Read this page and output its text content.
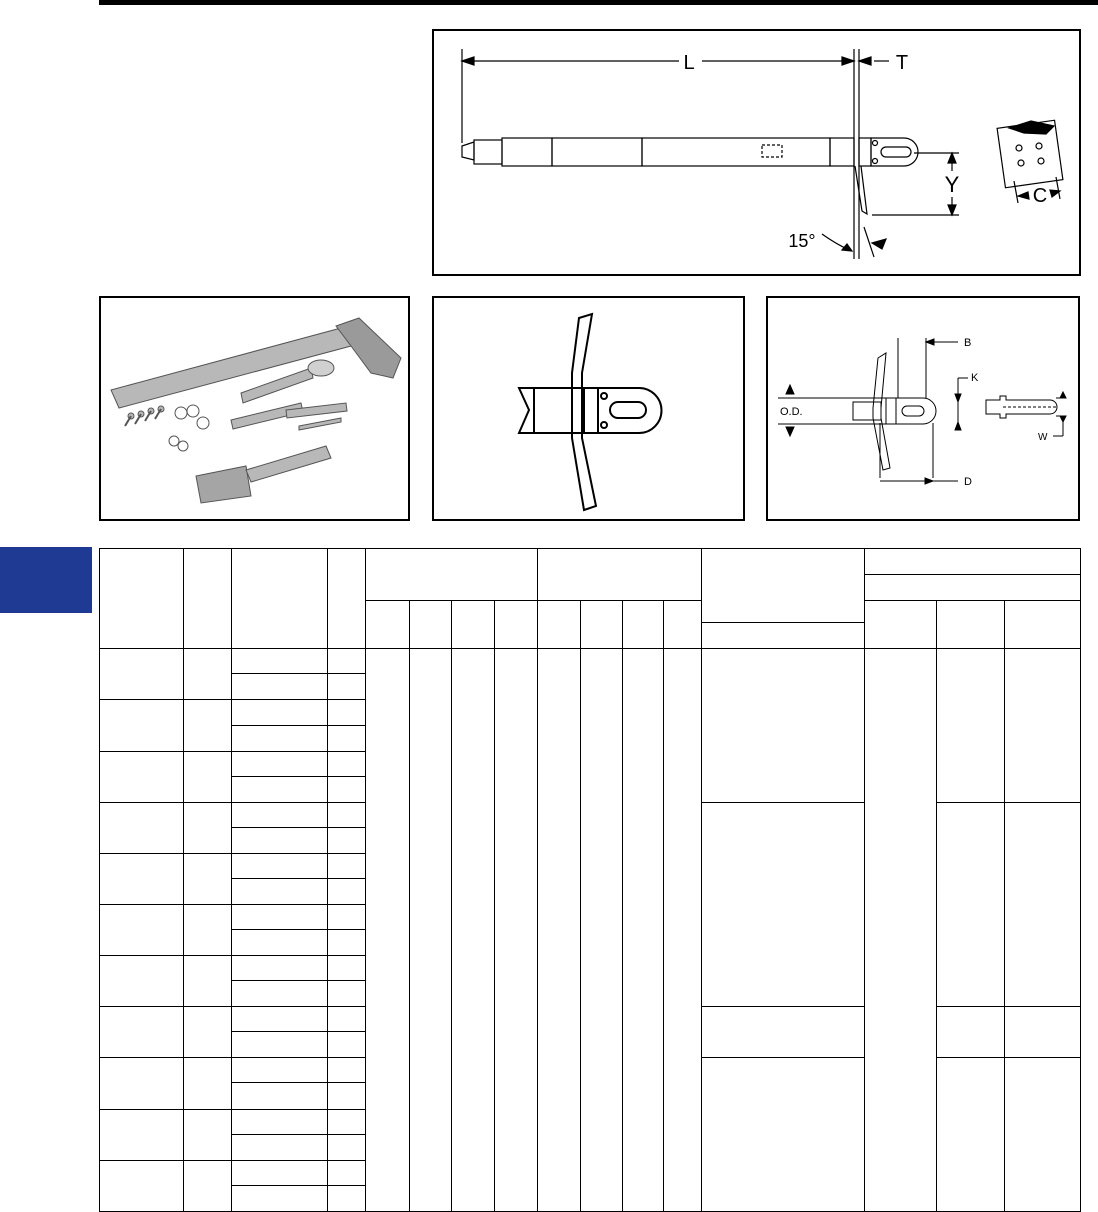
L	T
Y	C
15°
B
K
O.D.
D
W
